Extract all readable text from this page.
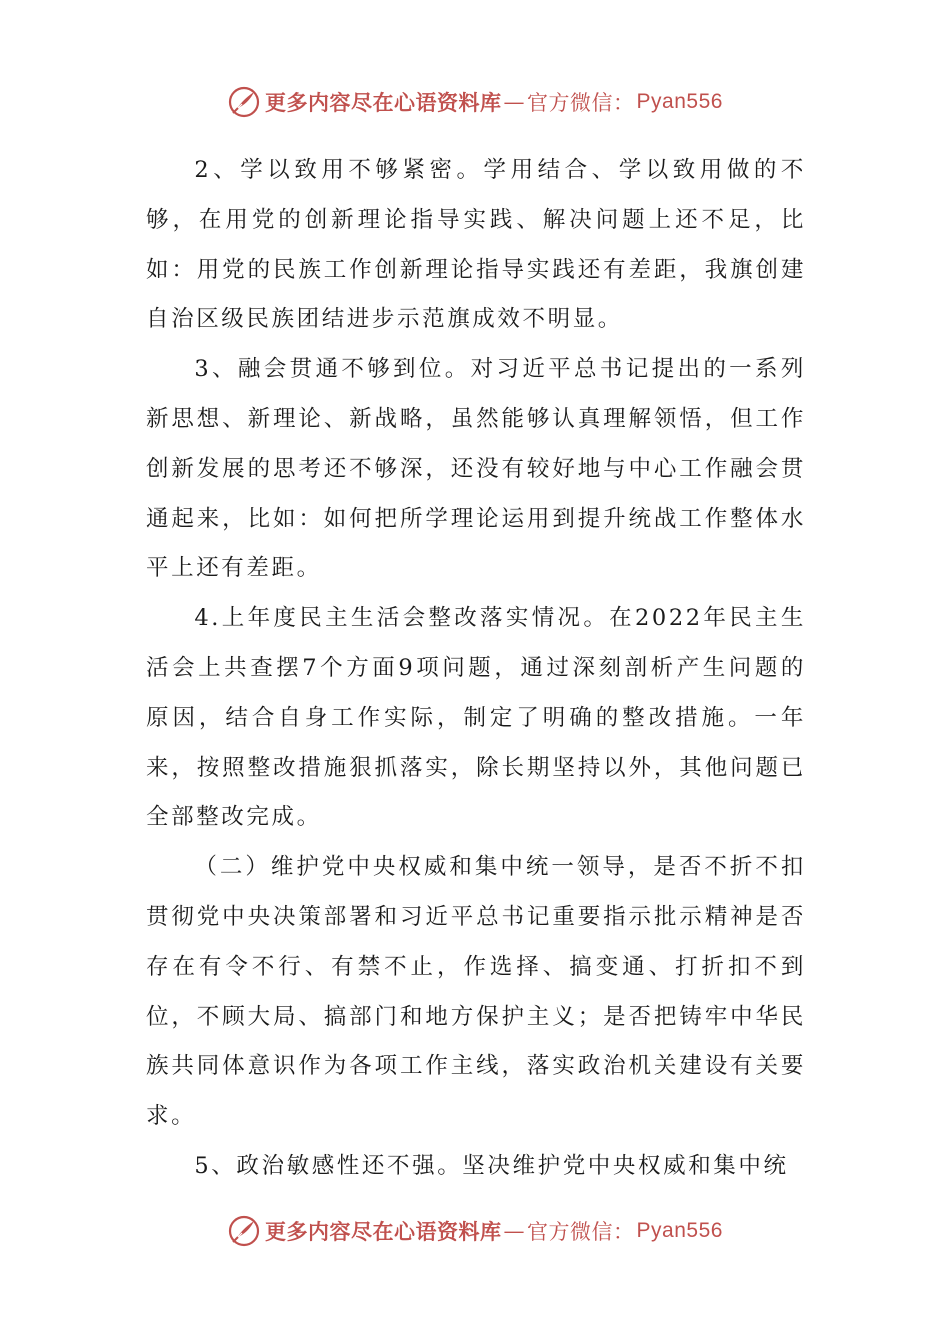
更多内容尽在心语资料库 — 官方微信： Pyan556

2、学以致用不够紧密。学用结合、学以致用做的不够，在用党的创新理论指导实践、解决问题上还不足，比如：用党的民族工作创新理论指导实践还有差距，我旗创建自治区级民族团结进步示范旗成效不明显。

3、融会贯通不够到位。对习近平总书记提出的一系列新思想、新理论、新战略，虽然能够认真理解领悟，但工作创新发展的思考还不够深，还没有较好地与中心工作融会贯通起来，比如：如何把所学理论运用到提升统战工作整体水平上还有差距。

4.上年度民主生活会整改落实情况。在2022年民主生活会上共查摆7个方面9项问题，通过深刻剖析产生问题的原因，结合自身工作实际，制定了明确的整改措施。一年来，按照整改措施狠抓落实，除长期坚持以外，其他问题已全部整改完成。

（二）维护党中央权威和集中统一领导，是否不折不扣贯彻党中央决策部署和习近平总书记重要指示批示精神是否存在有令不行、有禁不止，作选择、搞变通、打折扣不到位，不顾大局、搞部门和地方保护主义；是否把铸牢中华民族共同体意识作为各项工作主线，落实政治机关建设有关要求。

5、政治敏感性还不强。坚决维护党中央权威和集中统

更多内容尽在心语资料库 — 官方微信： Pyan556
